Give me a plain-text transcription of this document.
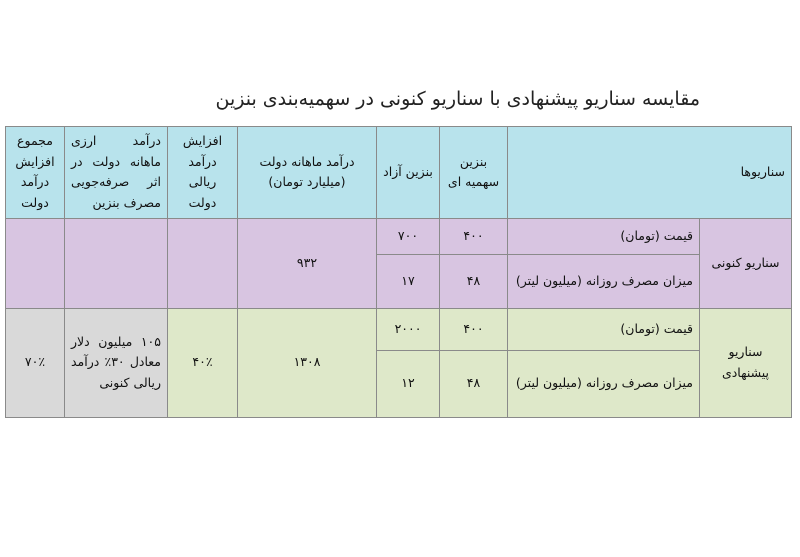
مقایسه سناریو پیشنهادی با سناریو کنونی در سهمیه‌بندی بنزین
مجموع افزایش درآمد دولت	درآمد ارزی ماهانه دولت در اثر صرفه‌جویی مصرف بنزین	افزایش درآمد ریالی دولت	درآمد ماهانه دولت (میلیارد تومان)	بنزین آزاد	بنزین سهمیه ای	سناریوها	
			۹۳۲	۷۰۰	۴۰۰	قیمت (تومان)	سناریو کنونی
				۱۷	۴۸	میزان مصرف روزانه (میلیون لیتر)	
۷۰٪	۱۰۵ میلیون دلار معادل ۳۰٪ درآمد ریالی کنونی	۴۰٪	۱۳۰۸	۲۰۰۰	۴۰۰	قیمت (تومان)	سناریو پیشنهادی
				۱۲	۴۸	میزان مصرف روزانه (میلیون لیتر)	
